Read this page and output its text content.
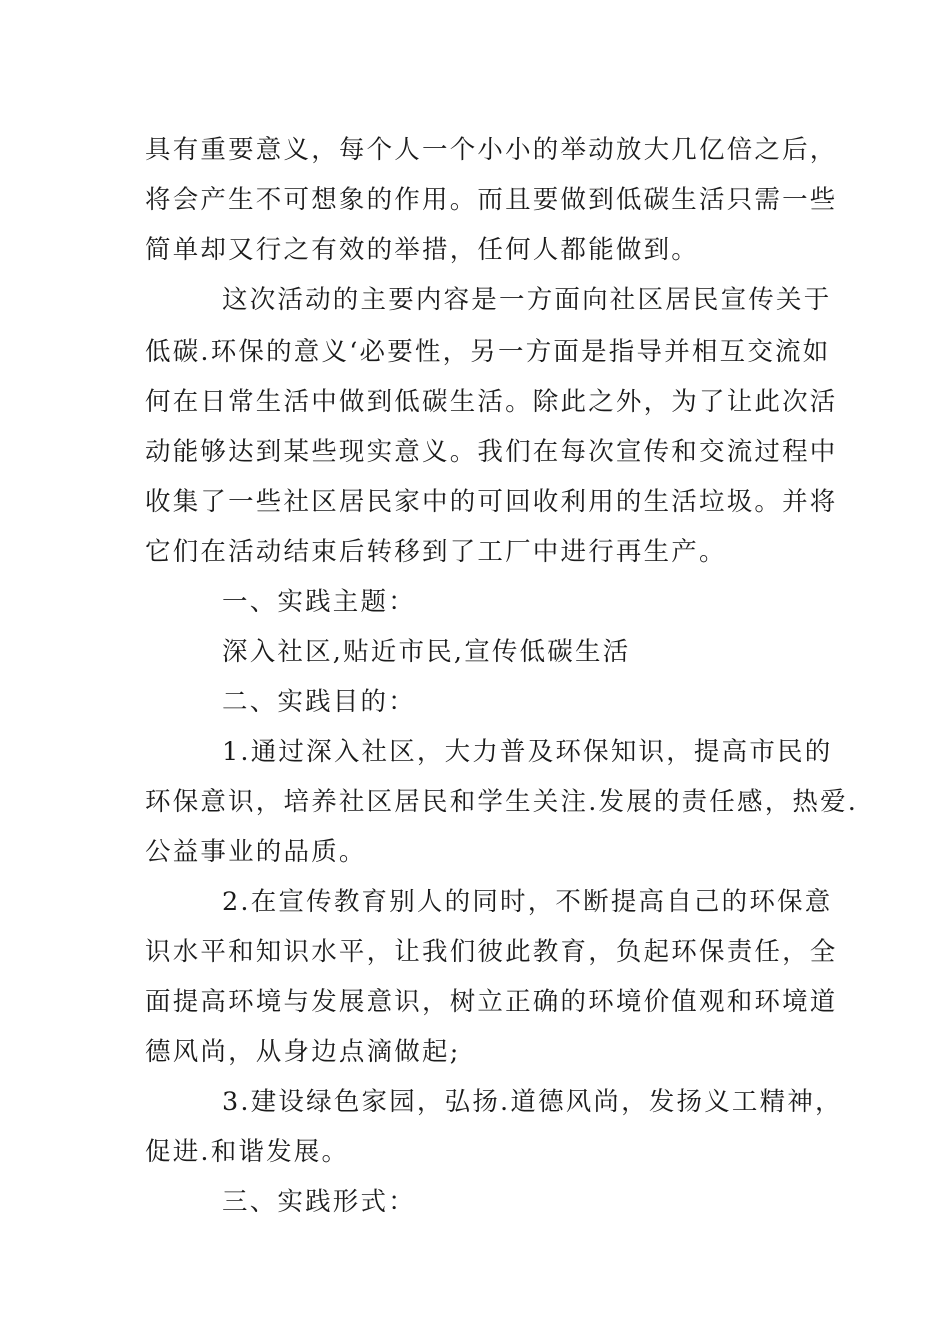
具有重要意义，每个人一个小小的举动放大几亿倍之后，
将会产生不可想象的作用。而且要做到低碳生活只需一些
简单却又行之有效的举措，任何人都能做到。
这次活动的主要内容是一方面向社区居民宣传关于
低碳.环保的意义‘必要性，另一方面是指导并相互交流如
何在日常生活中做到低碳生活。除此之外，为了让此次活
动能够达到某些现实意义。我们在每次宣传和交流过程中
收集了一些社区居民家中的可回收利用的生活垃圾。并将
它们在活动结束后转移到了工厂中进行再生产。
一、实践主题：
深入社区,贴近市民,宣传低碳生活
二、实践目的：
1.通过深入社区，大力普及环保知识，提高市民的
环保意识，培养社区居民和学生关注.发展的责任感，热爱.
公益事业的品质。
2.在宣传教育别人的同时，不断提高自己的环保意
识水平和知识水平，让我们彼此教育，负起环保责任，全
面提高环境与发展意识，树立正确的环境价值观和环境道
德风尚，从身边点滴做起;
3.建设绿色家园，弘扬.道德风尚，发扬义工精神，
促进.和谐发展。
三、实践形式：
